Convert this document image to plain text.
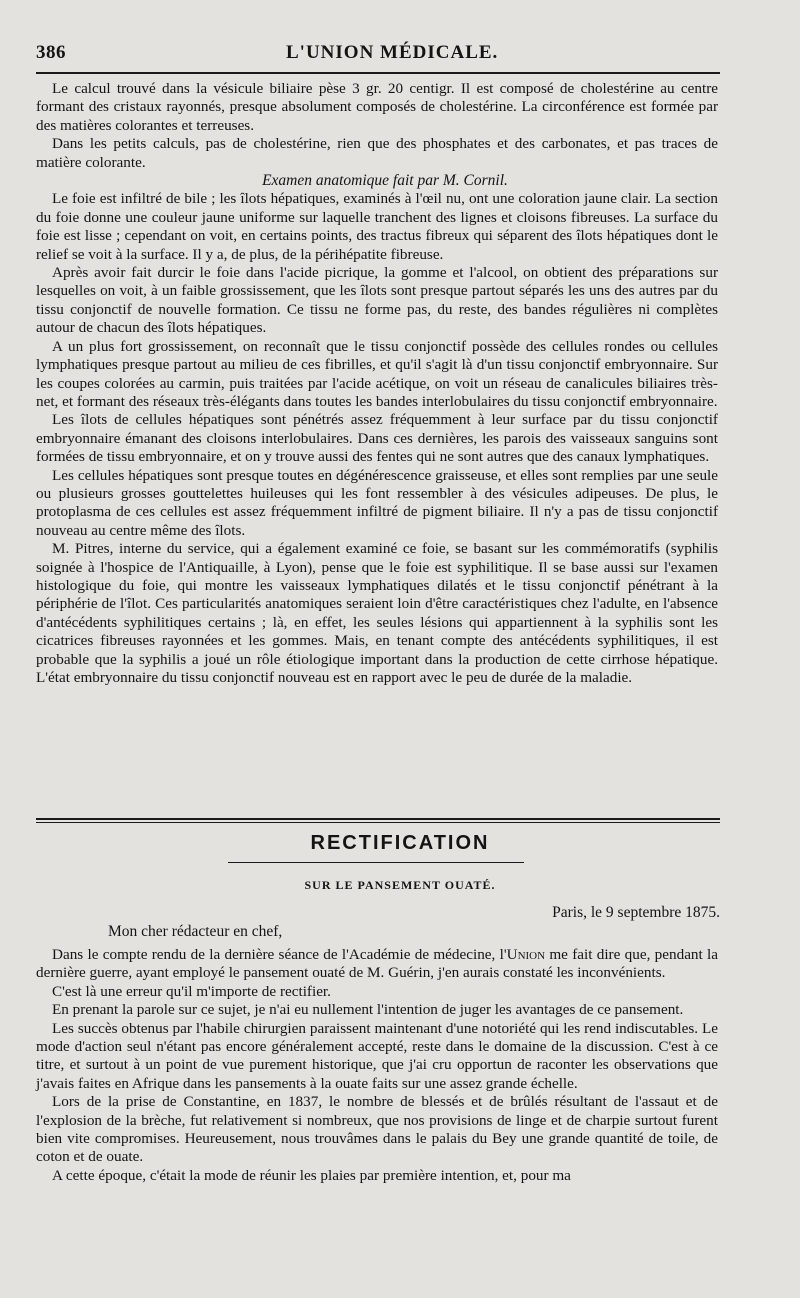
386	L'UNION MÉDICALE.

Le calcul trouvé dans la vésicule biliaire pèse 3 gr. 20 centigr. Il est composé de cholestérine au centre formant des cristaux rayonnés, presque absolument composés de cholestérine. La circonférence est formée par des matières colorantes et terreuses.

Dans les petits calculs, pas de cholestérine, rien que des phosphates et des carbonates, et pas traces de matière colorante.

Examen anatomique fait par M. Cornil.

Le foie est infiltré de bile ; les îlots hépatiques, examinés à l'œil nu, ont une coloration jaune clair. La section du foie donne une couleur jaune uniforme sur laquelle tranchent des lignes et cloisons fibreuses. La surface du foie est lisse ; cependant on voit, en certains points, des tractus fibreux qui séparent des îlots hépatiques dont le relief se voit à la surface. Il y a, de plus, de la périhépatite fibreuse.

Après avoir fait durcir le foie dans l'acide picrique, la gomme et l'alcool, on obtient des préparations sur lesquelles on voit, à un faible grossissement, que les îlots sont presque partout séparés les uns des autres par du tissu conjonctif de nouvelle formation. Ce tissu ne forme pas, du reste, des bandes régulières ni complètes autour de chacun des îlots hépatiques.

A un plus fort grossissement, on reconnaît que le tissu conjonctif possède des cellules rondes ou cellules lymphatiques presque partout au milieu de ces fibrilles, et qu'il s'agit là d'un tissu conjonctif embryonnaire. Sur les coupes colorées au carmin, puis traitées par l'acide acétique, on voit un réseau de canalicules biliaires très-net, et formant des réseaux très-élégants dans toutes les bandes interlobulaires du tissu conjonctif embryonnaire.

Les îlots de cellules hépatiques sont pénétrés assez fréquemment à leur surface par du tissu conjonctif embryonnaire émanant des cloisons interlobulaires. Dans ces dernières, les parois des vaisseaux sanguins sont formées de tissu embryonnaire, et on y trouve aussi des fentes qui ne sont autres que des canaux lymphatiques.

Les cellules hépatiques sont presque toutes en dégénérescence graisseuse, et elles sont remplies par une seule ou plusieurs grosses gouttelettes huileuses qui les font ressembler à des vésicules adipeuses. De plus, le protoplasma de ces cellules est assez fréquemment infiltré de pigment biliaire. Il n'y a pas de tissu conjonctif nouveau au centre même des îlots.

M. Pitres, interne du service, qui a également examiné ce foie, se basant sur les commémoratifs (syphilis soignée à l'hospice de l'Antiquaille, à Lyon), pense que le foie est syphilitique. Il se base aussi sur l'examen histologique du foie, qui montre les vaisseaux lymphatiques dilatés et le tissu conjonctif pénétrant à la périphérie de l'îlot. Ces particularités anatomiques seraient loin d'être caractéristiques chez l'adulte, en l'absence d'antécédents syphilitiques certains ; là, en effet, les seules lésions qui appartiennent à la syphilis sont les cicatrices fibreuses rayonnées et les gommes. Mais, en tenant compte des antécédents syphilitiques, il est probable que la syphilis a joué un rôle étiologique important dans la production de cette cirrhose hépatique. L'état embryonnaire du tissu conjonctif nouveau est en rapport avec le peu de durée de la maladie.

RECTIFICATION
SUR LE PANSEMENT OUATÉ.
Paris, le 9 septembre 1875.
Mon cher rédacteur en chef,

Dans le compte rendu de la dernière séance de l'Académie de médecine, l'Union me fait dire que, pendant la dernière guerre, ayant employé le pansement ouaté de M. Guérin, j'en aurais constaté les inconvénients.

C'est là une erreur qu'il m'importe de rectifier.

En prenant la parole sur ce sujet, je n'ai eu nullement l'intention de juger les avantages de ce pansement.

Les succès obtenus par l'habile chirurgien paraissent maintenant d'une notoriété qui les rend indiscutables. Le mode d'action seul n'étant pas encore généralement accepté, reste dans le domaine de la discussion. C'est à ce titre, et surtout à un point de vue purement historique, que j'ai cru opportun de raconter les observations que j'avais faites en Afrique dans les pansements à la ouate faits sur une assez grande échelle.

Lors de la prise de Constantine, en 1837, le nombre de blessés et de brûlés résultant de l'assaut et de l'explosion de la brèche, fut relativement si nombreux, que nos provisions de linge et de charpie surtout furent bien vite compromises. Heureusement, nous trouvâmes dans le palais du Bey une grande quantité de toile, de coton et de ouate.

A cette époque, c'était la mode de réunir les plaies par première intention, et, pour ma
